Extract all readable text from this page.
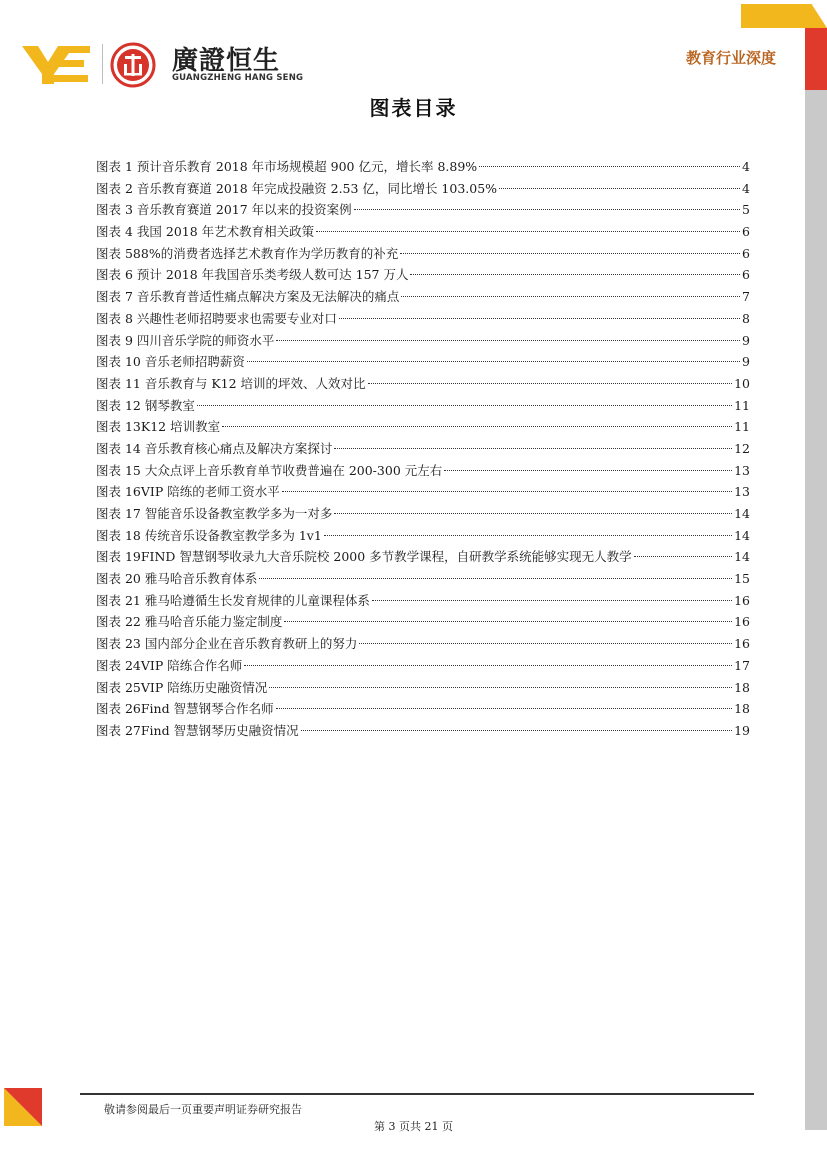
廣證恒生
GUANGZHENG HANG SENG
教育行业深度
图表目录
图表 1 预计音乐教育 2018 年市场规模超 900 亿元，增长率 8.89%	4
图表 2 音乐教育赛道 2018 年完成投融资 2.53 亿，同比增长 103.05%	4
图表 3 音乐教育赛道 2017 年以来的投资案例	5
图表 4 我国 2018 年艺术教育相关政策	6
图表 588%的消费者选择艺术教育作为学历教育的补充	6
图表 6 预计 2018 年我国音乐类考级人数可达 157 万人	6
图表 7 音乐教育普适性痛点解决方案及无法解决的痛点	7
图表 8 兴趣性老师招聘要求也需要专业对口	8
图表 9 四川音乐学院的师资水平	9
图表 10 音乐老师招聘薪资	9
图表 11 音乐教育与 K12 培训的坪效、人效对比	10
图表 12 钢琴教室	11
图表 13K12 培训教室	11
图表 14 音乐教育核心痛点及解决方案探讨	12
图表 15 大众点评上音乐教育单节收费普遍在 200-300 元左右	13
图表 16VIP 陪练的老师工资水平	13
图表 17 智能音乐设备教室教学多为一对多	14
图表 18 传统音乐设备教室教学多为 1v1	14
图表 19FIND 智慧钢琴收录九大音乐院校 2000 多节教学课程，自研教学系统能够实现无人教学	14
图表 20 雅马哈音乐教育体系	15
图表 21 雅马哈遵循生长发育规律的儿童课程体系	16
图表 22 雅马哈音乐能力鉴定制度	16
图表 23 国内部分企业在音乐教育教研上的努力	16
图表 24VIP 陪练合作名师	17
图表 25VIP 陪练历史融资情况	18
图表 26Find 智慧钢琴合作名师	18
图表 27Find 智慧钢琴历史融资情况	19
敬请参阅最后一页重要声明证券研究报告
第 3 页共 21 页
